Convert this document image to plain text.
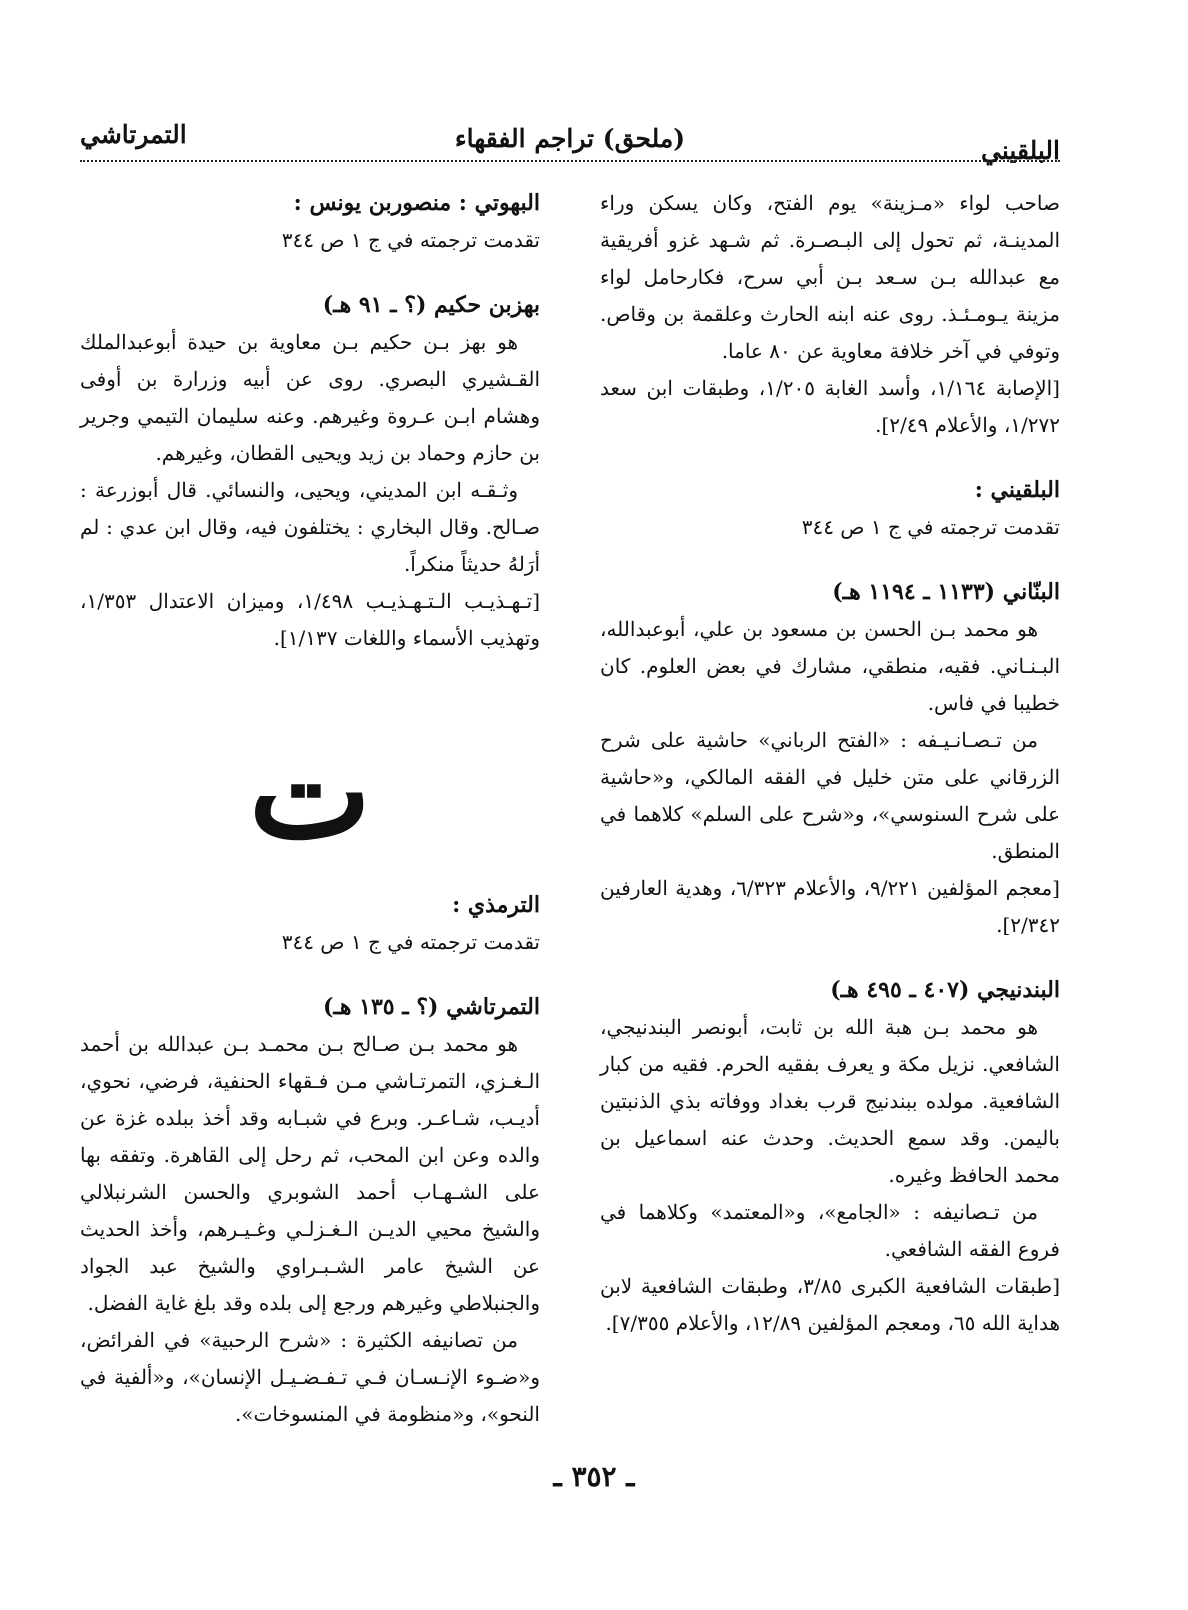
البلقيني
(ملحق) تراجم الفقهاء
التمرتاشي

صاحب لواء «مـزينة» يوم الفتح، وكان يسكن وراء المدينـة، ثم تحول إلى البـصـرة. ثم شـهد غزو أفريقية مع عبدالله بـن سـعد بـن أبي سرح، فكارحامل لواء مزينة يـومـئـذ. روى عنه ابنه الحارث وعلقمة بن وقاص. وتوفي في آخر خلافة معاوية عن ٨٠ عاما.

[الإصابة ١/١٦٤، وأسد الغابة ١/٢٠٥، وطبقات ابن سعد ١/٢٧٢، والأعلام ٢/٤٩].

البلقيني :

تقدمت ترجمته في ج ١ ص ٣٤٤

البنّاني (١١٣٣ ـ ١١٩٤ هـ)

هو محمد بـن الحسن بن مسعود بن علي، أبوعبدالله، البـنـاني. فقيه، منطقي، مشارك في بعض العلوم. كان خطيبا في فاس.

من تـصـانـيـفه : «الفتح الرباني» حاشية على شرح الزرقاني على متن خليل في الفقه المالكي، و«حاشية على شرح السنوسي»، و«شرح على السلم» كلاهما في المنطق.

[معجم المؤلفين ٩/٢٢١، والأعلام ٦/٣٢٣، وهدية العارفين ٢/٣٤٢].

البندنيجي (٤٠٧ ـ ٤٩٥ هـ)

هو محمد بـن هبة الله بن ثابت، أبونصر البندنيجي، الشافعي. نزيل مكة و يعرف بفقيه الحرم. فقيه من كبار الشافعية. مولده ببندنيج قرب بغداد ووفاته بذي الذنبتين باليمن. وقد سمع الحديث. وحدث عنه اسماعيل بن محمد الحافظ وغيره.

من تـصانيفه : «الجامع»، و«المعتمد» وكلاهما في فروع الفقه الشافعي.

[طبقات الشافعية الكبرى ٣/٨٥، وطبقات الشافعية لابن هداية الله ٦٥، ومعجم المؤلفين ١٢/٨٩، والأعلام ٧/٣٥٥].

البهوتي : منصوربن يونس :

تقدمت ترجمته في ج ١ ص ٣٤٤

بهزبن حكيم (؟ ـ ٩١ هـ)

هو بهز بـن حكيم بـن معاوية بن حيدة أبوعبدالملك القـشيري البصري. روى عن أبيه وزرارة بن أوفى وهشام ابـن عـروة وغيرهم. وعنه سليمان التيمي وجرير بن حازم وحماد بن زيد ويحيى القطان، وغيرهم.

وثـقـه ابن المديني، ويحيى، والنسائي. قال أبوزرعة : صـالح. وقال البخاري : يختلفون فيه، وقال ابن عدي : لم أرَلهُ حديثاً منكراً.

[تـهـذيـب الـتـهـذيـب ١/٤٩٨، وميزان الاعتدال ١/٣٥٣، وتهذيب الأسماء واللغات ١/١٣٧].

ت

الترمذي :

تقدمت ترجمته في ج ١ ص ٣٤٤

التمرتاشي (؟ ـ ١٣٥ هـ)

هو محمد بـن صـالح بـن محمـد بـن عبدالله بن أحمد الـغـزي، التمرتـاشي مـن فـقهاء الحنفية، فرضي، نحوي، أديـب، شـاعـر. وبرع في شبـابه وقد أخذ ببلده غزة عن والده وعن ابن المحب، ثم رحل إلى القاهرة. وتفقه بها على الشـهـاب أحمد الشوبري والحسن الشرنبلالي والشيخ محيي الديـن الـغـزلـي وغـيـرهم، وأخذ الحديث عن الشيخ عامر الشـبـراوي والشيخ عبد الجواد والجنبلاطي وغيرهم ورجع إلى بلده وقد بلغ غاية الفضل.

من تصانيفه الكثيرة : «شرح الرحبية» في الفرائض، و«ضـوء الإنـسـان فـي تـفـضـيـل الإنسان»، و«ألفية في النحو»، و«منظومة في المنسوخات».

ـ ٣٥٢ ـ
